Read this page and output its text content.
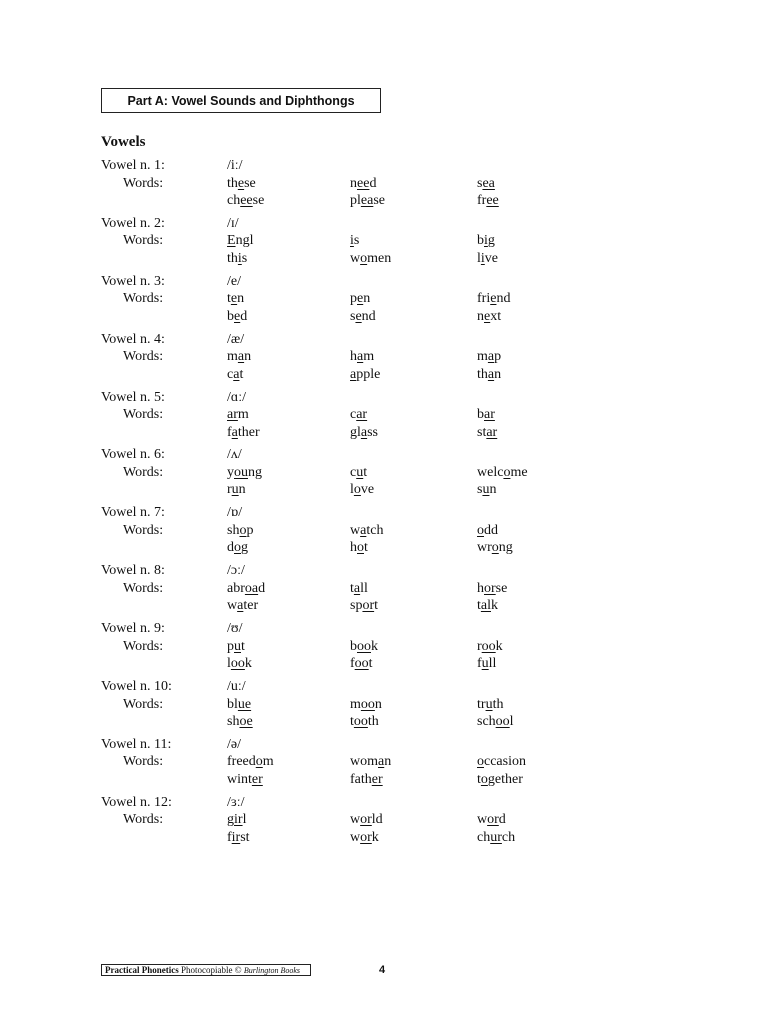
Part A: Vowel Sounds and Diphthongs
Vowels
Vowel n. 1:	/iː/
Words:	these	need	sea
cheese	please	free
Vowel n. 2:	/ɪ/
Words:	Engl	is	big
this	women	live
Vowel n. 3:	/e/
Words:	ten	pen	friend
bed	send	next
Vowel n. 4:	/æ/
Words:	man	ham	map
cat	apple	than
Vowel n. 5:	/ɑː/
Words:	arm	car	bar
father	glass	star
Vowel n. 6:	/ʌ/
Words:	young	cut	welcome
run	love	sun
Vowel n. 7:	/ɒ/
Words:	shop	watch	odd
dog	hot	wrong
Vowel n. 8:	/ɔː/
Words:	abroad	tall	horse
water	sport	talk
Vowel n. 9:	/ʊ/
Words:	put	book	rook
look	foot	full
Vowel n. 10:	/uː/
Words:	blue	moon	truth
shoe	tooth	school
Vowel n. 11:	/ə/
Words:	freedom	woman	occasion
winter	father	together
Vowel n. 12:	/ɜː/
Words:	girl	world	word
first	work	church
Practical Phonetics Photocopiable © Burlington Books	4
